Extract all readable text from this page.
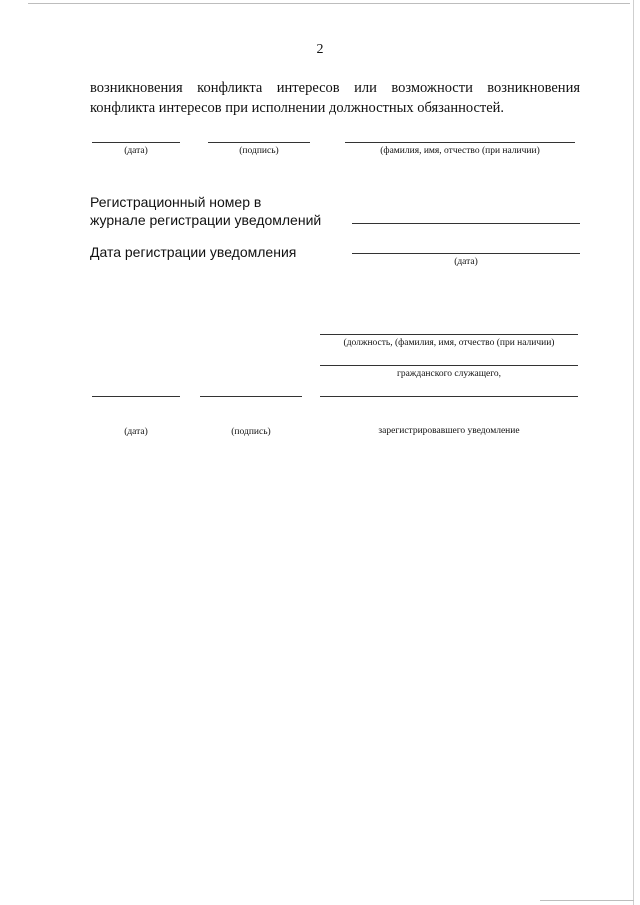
2
возникновения конфликта интересов или возможности возникновения
конфликта интересов при исполнении должностных обязанностей.
(дата)	(подпись)	(фамилия, имя, отчество (при наличии)
Регистрационный номер в
журнале регистрации уведомлений
Дата регистрации уведомления
(дата)
(должность, (фамилия, имя, отчество (при наличии)
гражданского служащего,
(дата)	(подпись)	зарегистрировавшего уведомление
